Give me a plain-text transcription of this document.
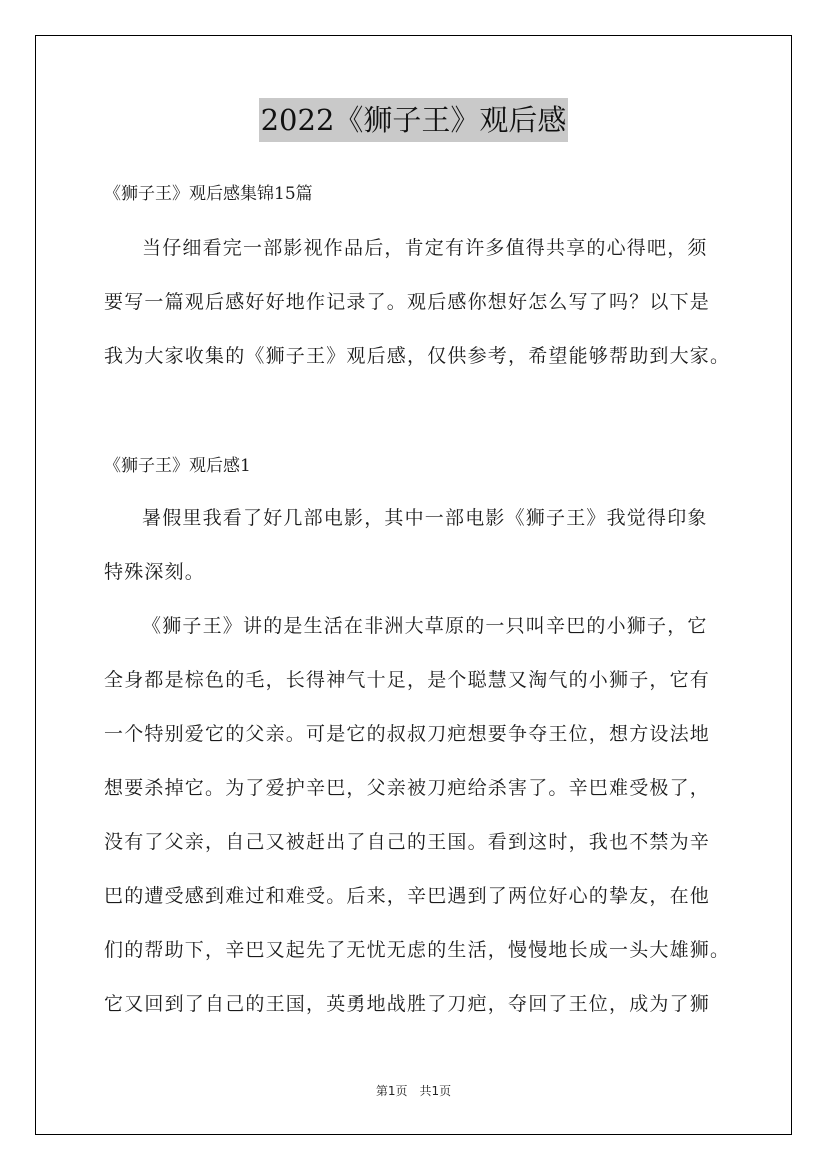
2022《狮子王》观后感
《狮子王》观后感集锦15篇
当仔细看完一部影视作品后，肯定有许多值得共享的心得吧，须
要写一篇观后感好好地作记录了。观后感你想好怎么写了吗？以下是
我为大家收集的《狮子王》观后感，仅供参考，希望能够帮助到大家。
《狮子王》观后感1
暑假里我看了好几部电影，其中一部电影《狮子王》我觉得印象
特殊深刻。
《狮子王》讲的是生活在非洲大草原的一只叫辛巴的小狮子，它
全身都是棕色的毛，长得神气十足，是个聪慧又淘气的小狮子，它有
一个特别爱它的父亲。可是它的叔叔刀疤想要争夺王位，想方设法地
想要杀掉它。为了爱护辛巴，父亲被刀疤给杀害了。辛巴难受极了，
没有了父亲，自己又被赶出了自己的王国。看到这时，我也不禁为辛
巴的遭受感到难过和难受。后来，辛巴遇到了两位好心的挚友，在他
们的帮助下，辛巴又起先了无忧无虑的生活，慢慢地长成一头大雄狮。
它又回到了自己的王国，英勇地战胜了刀疤，夺回了王位，成为了狮
第1页　共1页
